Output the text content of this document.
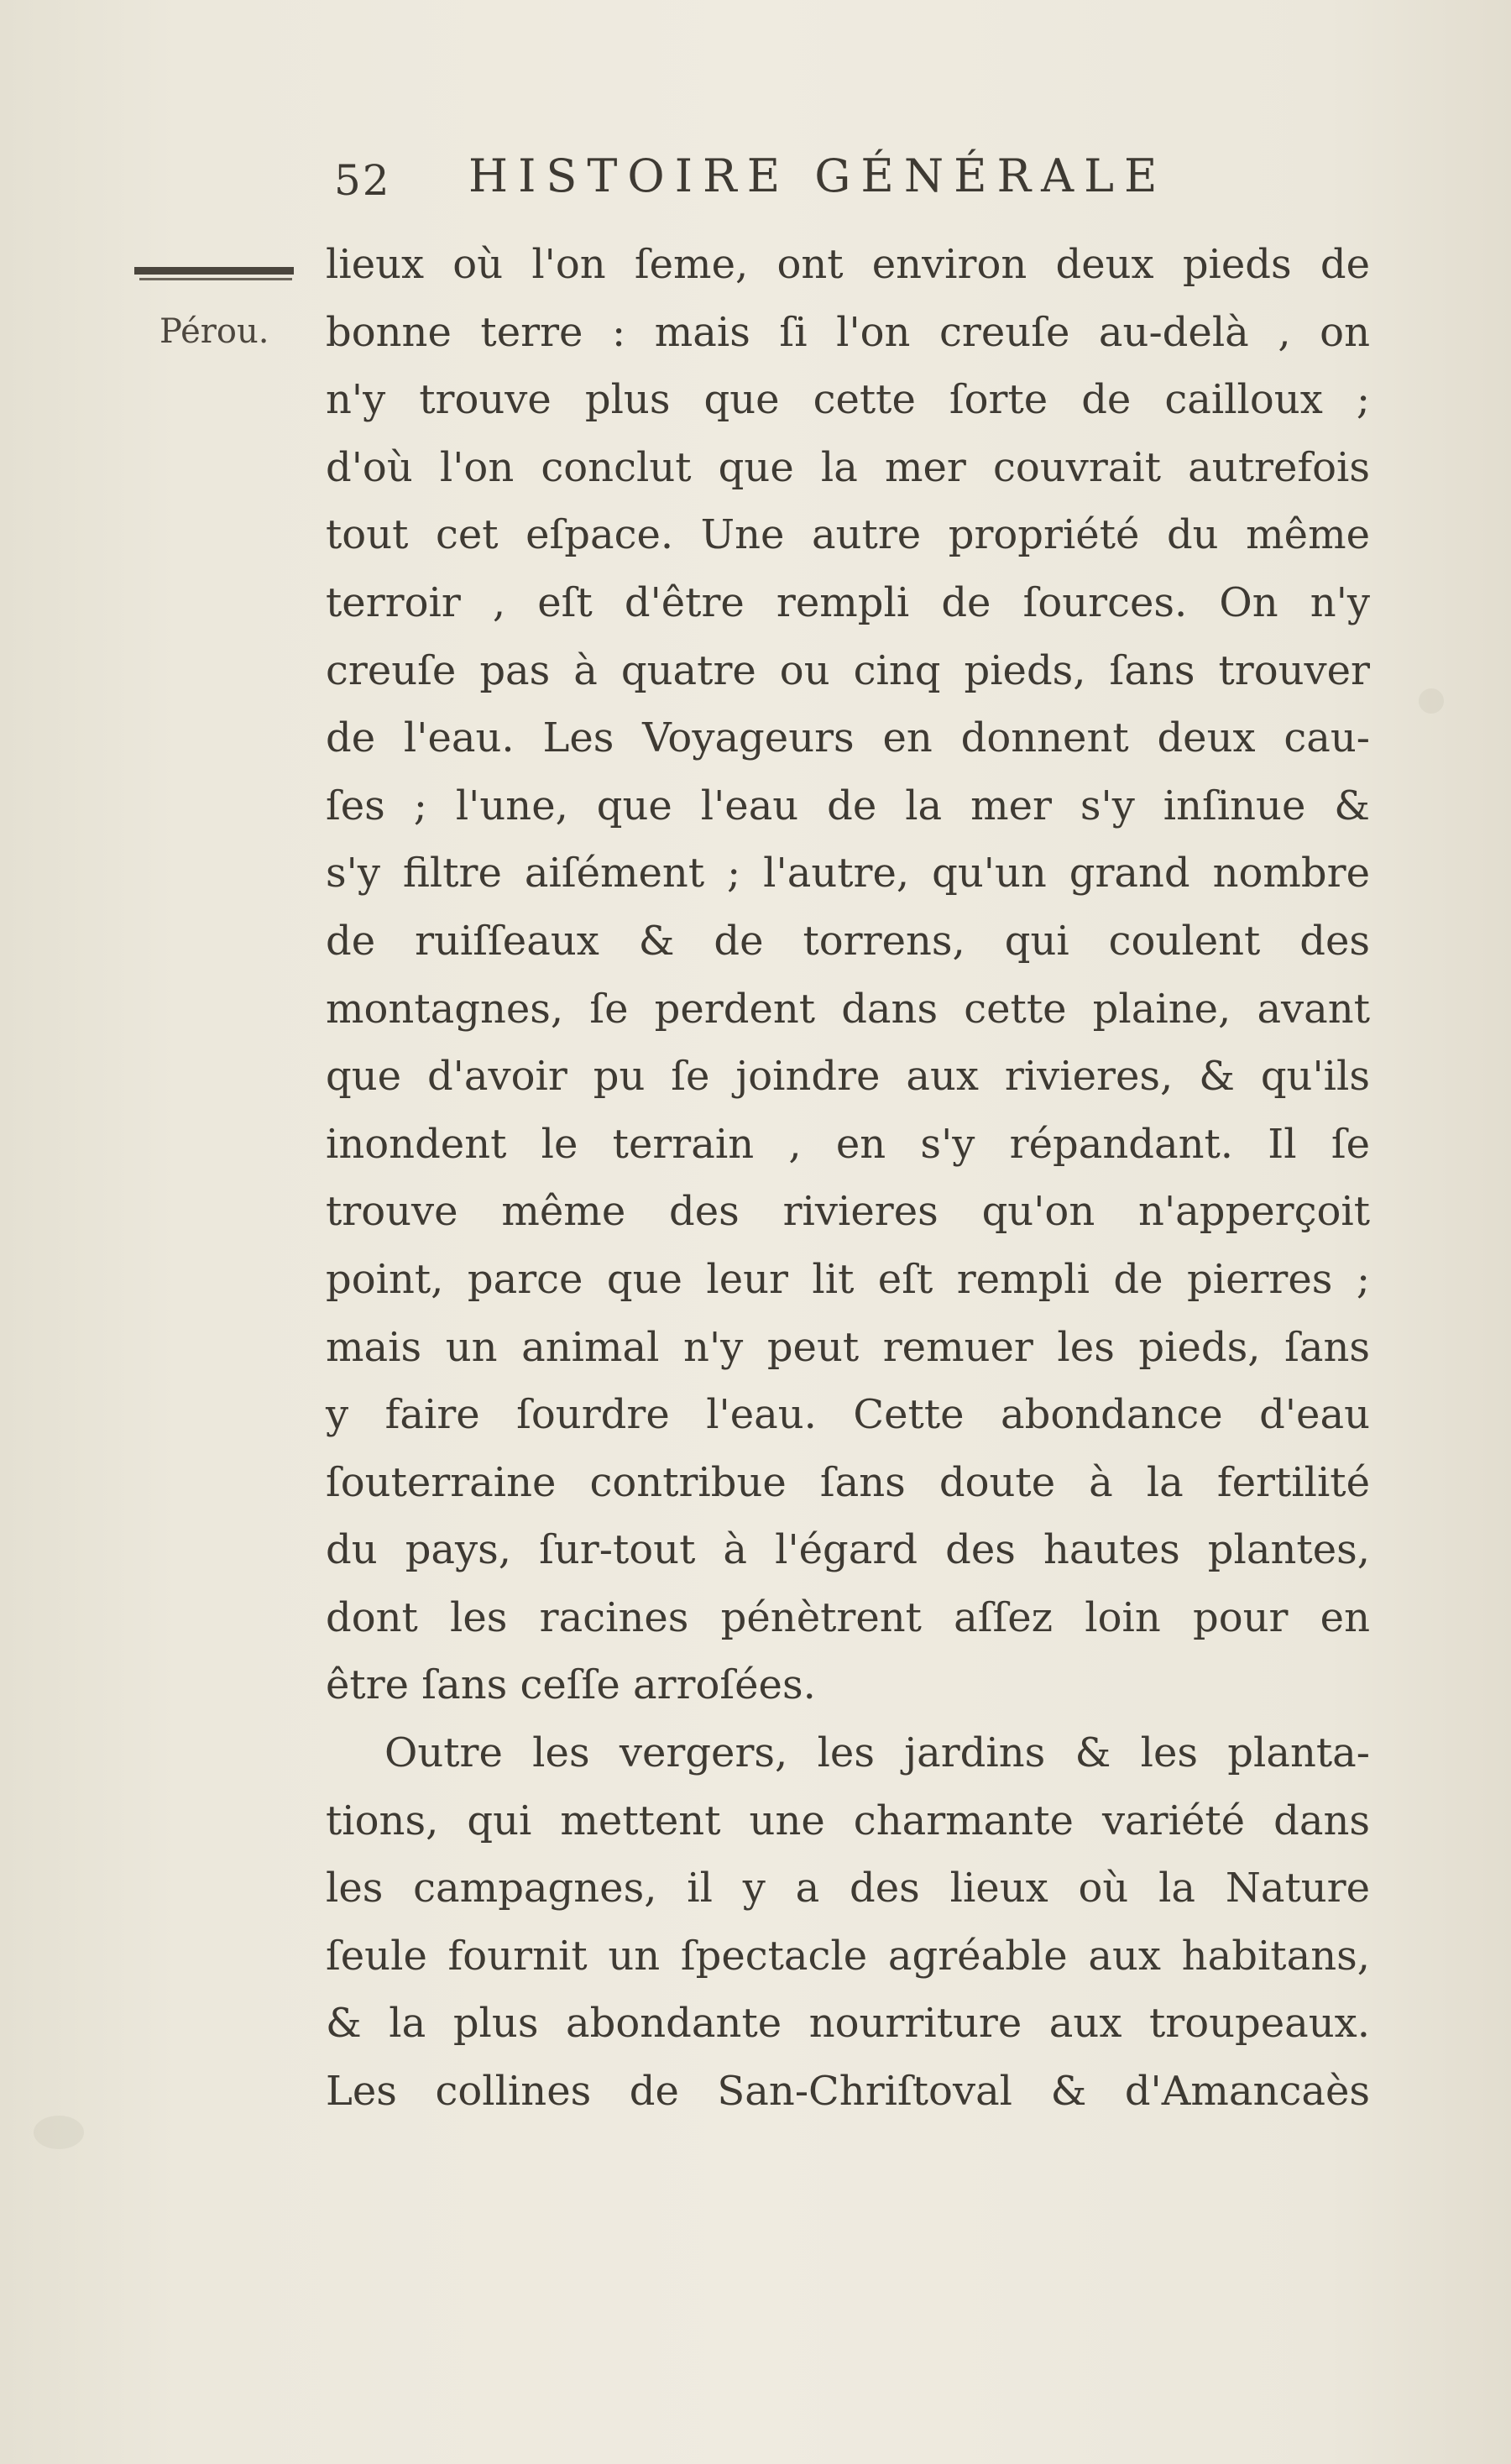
52 HISTOIRE GÉNÉRALE
Pérou.
lieux où l'on ſeme, ont environ deux pieds de
bonne terre : mais ſi l'on creuſe au-delà , on
n'y trouve plus que cette ſorte de cailloux ;
d'où l'on conclut que la mer couvrait autrefois
tout cet eſpace. Une autre propriété du même
terroir , eſt d'être rempli de ſources. On n'y
creuſe pas à quatre ou cinq pieds, ſans trouver
de l'eau. Les Voyageurs en donnent deux cau-
ſes ; l'une, que l'eau de la mer s'y inſinue &
s'y filtre aiſément ; l'autre, qu'un grand nombre
de ruiſſeaux & de torrens, qui coulent des
montagnes, ſe perdent dans cette plaine, avant
que d'avoir pu ſe joindre aux rivieres, & qu'ils
inondent le terrain , en s'y répandant. Il ſe
trouve même des rivieres qu'on n'apperçoit
point, parce que leur lit eſt rempli de pierres ;
mais un animal n'y peut remuer les pieds, ſans
y faire ſourdre l'eau. Cette abondance d'eau
ſouterraine contribue ſans doute à la fertilité
du pays, ſur-tout à l'égard des hautes plantes,
dont les racines pénètrent aſſez loin pour en
être ſans ceſſe arroſées.
Outre les vergers, les jardins & les planta-
tions, qui mettent une charmante variété dans
les campagnes, il y a des lieux où la Nature
ſeule fournit un ſpectacle agréable aux habitans,
& la plus abondante nourriture aux troupeaux.
Les collines de San-Chriſtoval & d'Amancaès
